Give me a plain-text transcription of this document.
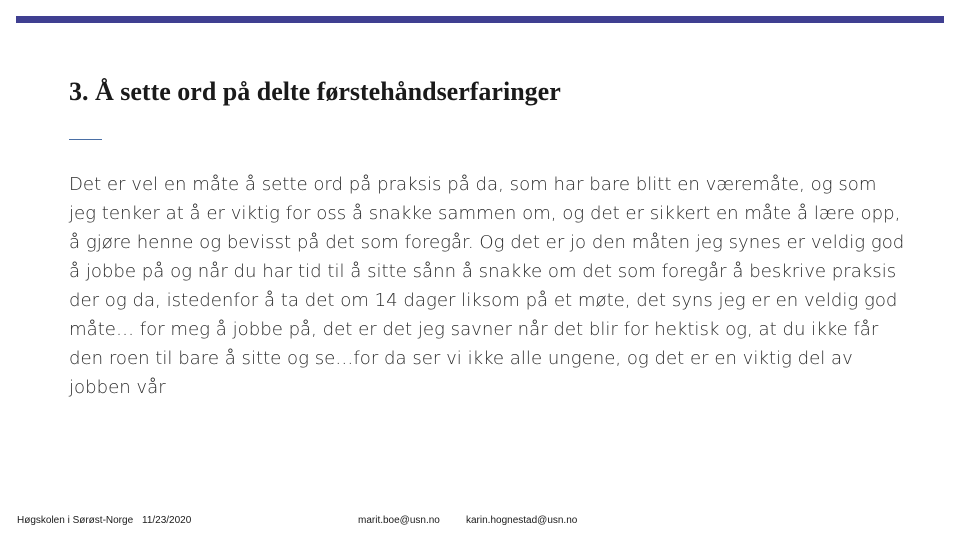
3. Å sette ord på delte førstehåndserfaringer

Det er vel en måte å sette ord på praksis på da, som har bare blitt en væremåte, og som jeg tenker at å er viktig for oss å snakke sammen om, og det er sikkert en måte å lære opp, å gjøre henne og bevisst på det som foregår. Og det er jo den måten jeg synes er veldig god å jobbe på og når du har tid til å sitte sånn å snakke om det som foregår å beskrive praksis der og da, istedenfor å ta det om 14 dager liksom på et møte, det syns jeg er en veldig god måte… for meg å jobbe på, det er det jeg savner når det blir for hektisk og, at du ikke får den roen til bare å sitte og se…for da ser vi ikke alle ungene, og det er en viktig del av jobben vår

Høgskolen i Sørøst-Norge 11/23/2020	marit.boe@usn.no	karin.hognestad@usn.no
